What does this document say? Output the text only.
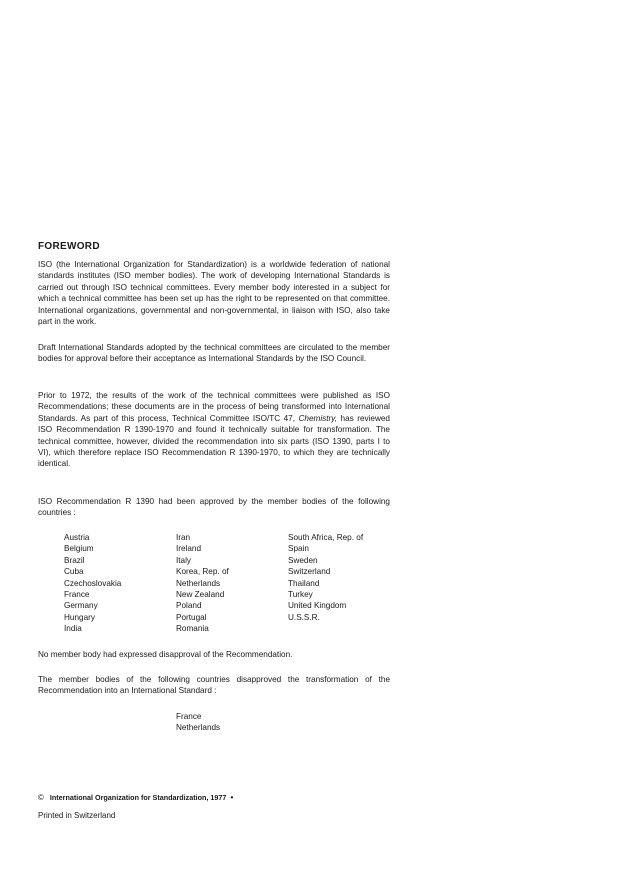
FOREWORD

ISO (the International Organization for Standardization) is a worldwide federation of national standards institutes (ISO member bodies). The work of developing International Standards is carried out through ISO technical committees. Every member body interested in a subject for which a technical committee has been set up has the right to be represented on that committee. International organizations, governmental and non-governmental, in liaison with ISO, also take part in the work.

Draft International Standards adopted by the technical committees are circulated to the member bodies for approval before their acceptance as International Standards by the ISO Council.

Prior to 1972, the results of the work of the technical committees were published as ISO Recommendations; these documents are in the process of being transformed into International Standards. As part of this process, Technical Committee ISO/TC 47, Chemistry, has reviewed ISO Recommendation R 1390-1970 and found it technically suitable for transformation. The technical committee, however, divided the recommendation into six parts (ISO 1390, parts I to VI), which therefore replace ISO Recommendation R 1390-1970, to which they are technically identical.

ISO Recommendation R 1390 had been approved by the member bodies of the following countries :

Austria
Belgium
Brazil
Cuba
Czechoslovakia
France
Germany
Hungary
India
Iran
Ireland
Italy
Korea, Rep. of
Netherlands
New Zealand
Poland
Portugal
Romania
South Africa, Rep. of
Spain
Sweden
Switzerland
Thailand
Turkey
United Kingdom
U.S.S.R.

No member body had expressed disapproval of the Recommendation.

The member bodies of the following countries disapproved the transformation of the Recommendation into an International Standard :

France
Netherlands
© International Organization for Standardization, 1977 •
Printed in Switzerland
